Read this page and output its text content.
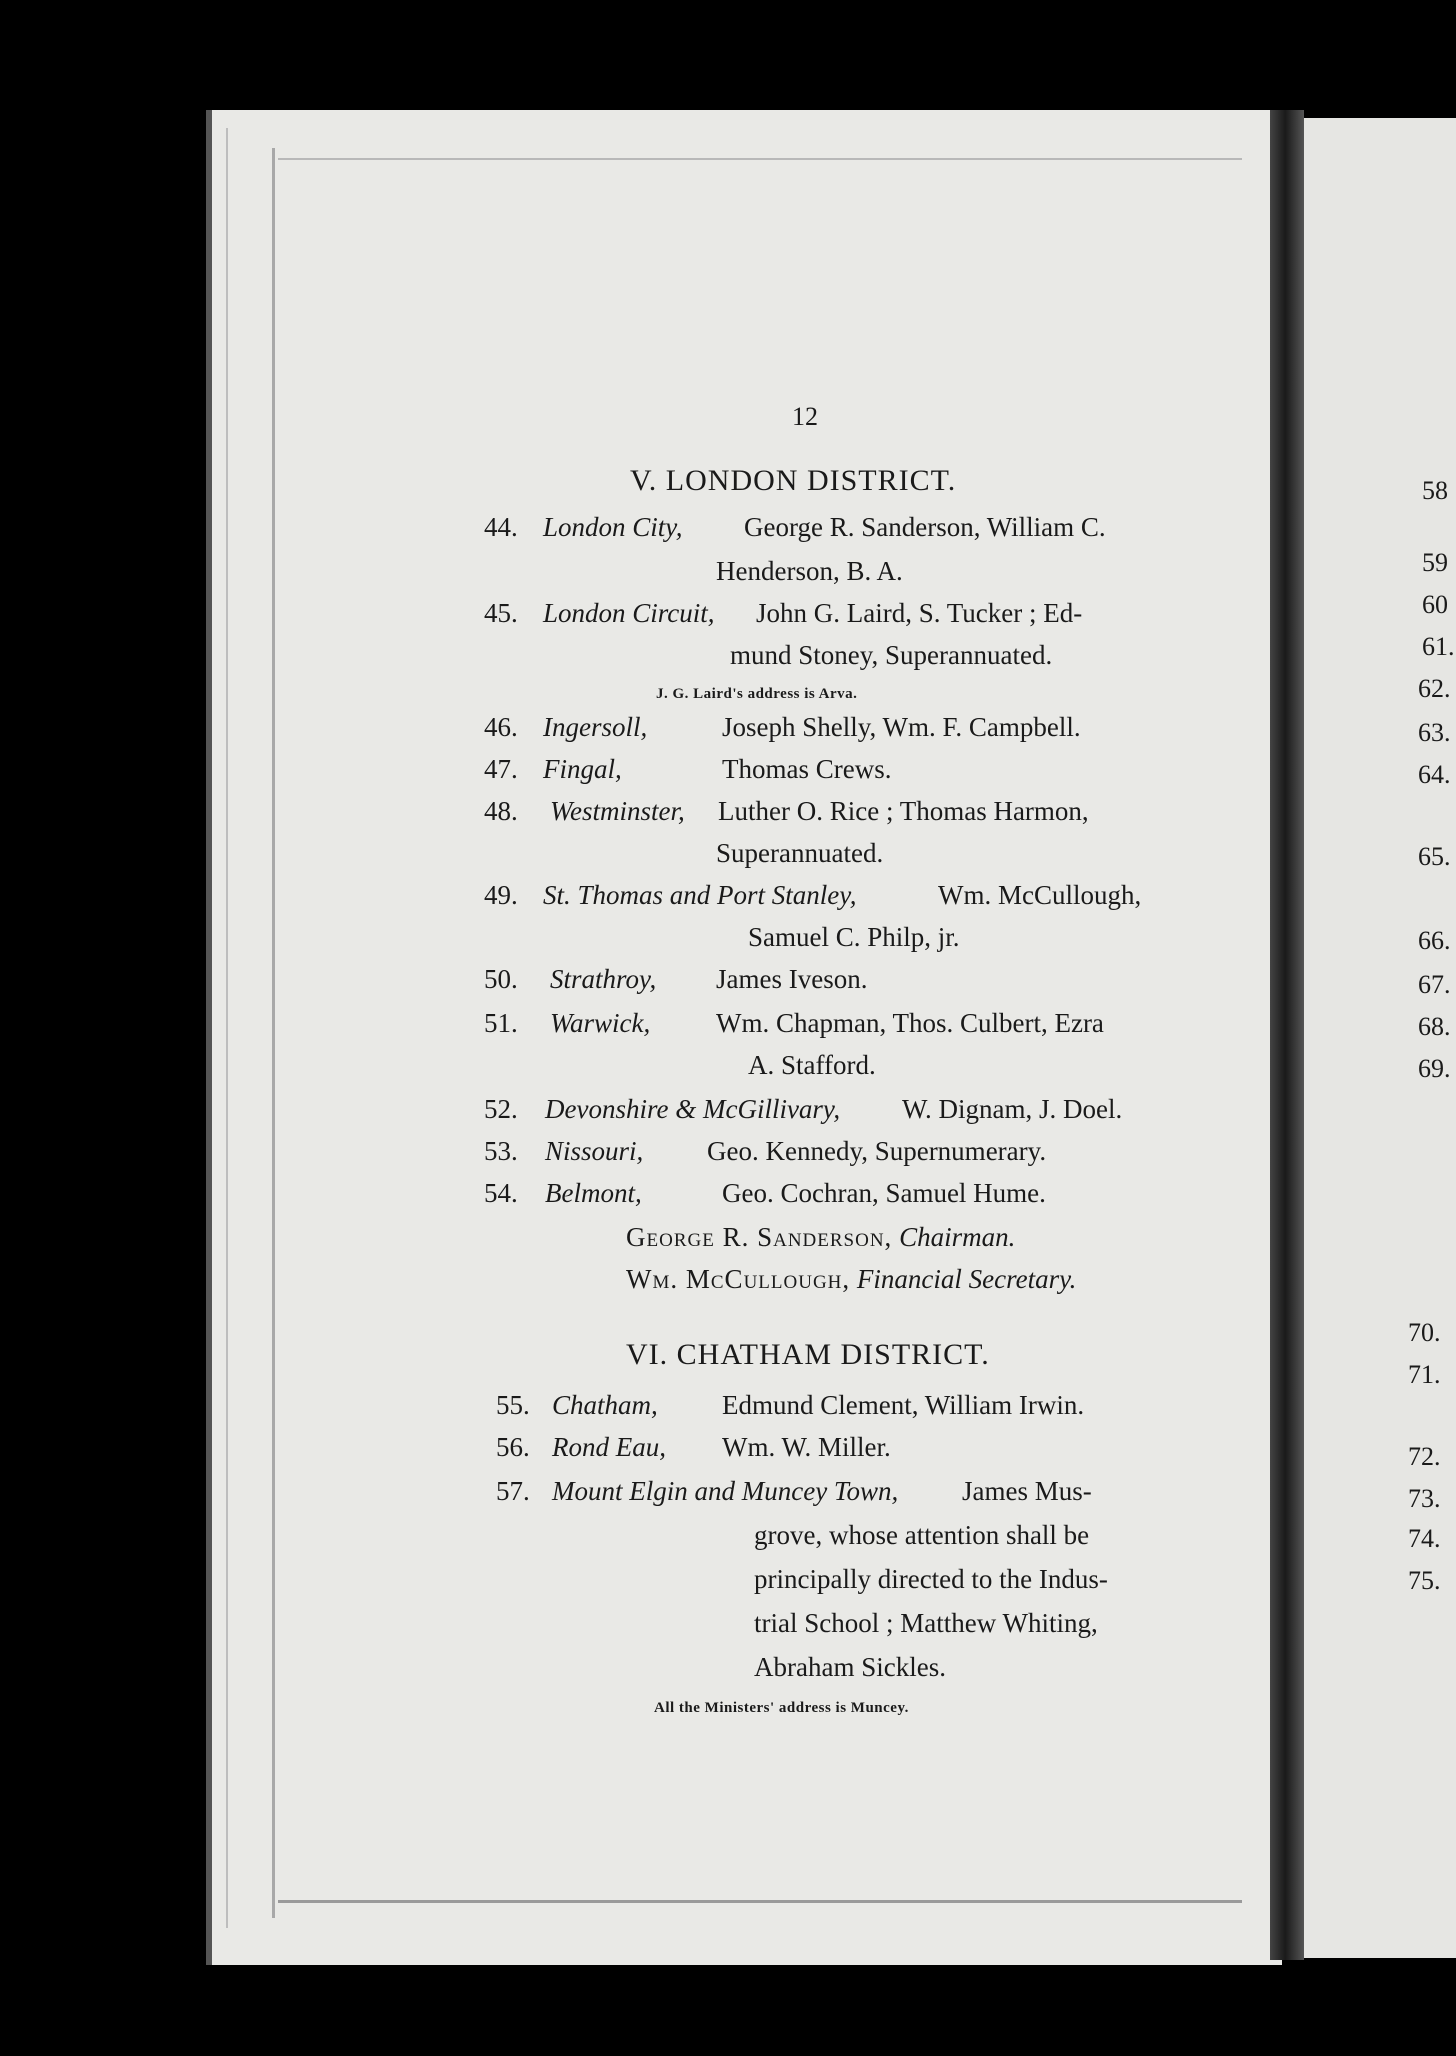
12
V. LONDON DISTRICT.
44. London City, George R. Sanderson, William C.
Henderson, B. A.
45. London Circuit, John G. Laird, S. Tucker ; Ed-
mund Stoney, Superannuated.
J. G. Laird's address is Arva.
46. Ingersoll,	Joseph Shelly, Wm. F. Campbell.
47. Fingal,	Thomas Crews.
48. Westminster, Luther O. Rice ; Thomas Harmon,
Superannuated.
49. St. Thomas and Port Stanley,	Wm. McCullough,
Samuel C. Philp, jr.
50. Strathroy, James Iveson.
51. Warwick, Wm. Chapman, Thos. Culbert, Ezra
A. Stafford.
52. Devonshire & McGillivary, W. Dignam, J. Doel.
53. Nissouri, Geo. Kennedy, Supernumerary.
54. Belmont,	Geo. Cochran, Samuel Hume.
George R. Sanderson, Chairman.
Wm. McCullough, Financial Secretary.
VI. CHATHAM DISTRICT.
55. Chatham, Edmund Clement, William Irwin.
56. Rond Eau, Wm. W. Miller.
57. Mount Elgin and Muncey Town, James Mus-
grove, whose attention shall be
principally directed to the Indus-
trial School ; Matthew Whiting,
Abraham Sickles.
All the Ministers' address is Muncey.
58
59
60
61.
62.
63.
64.
65.
66.
67.
68.
69.
70.
71.
72.
73.
74.
75.
